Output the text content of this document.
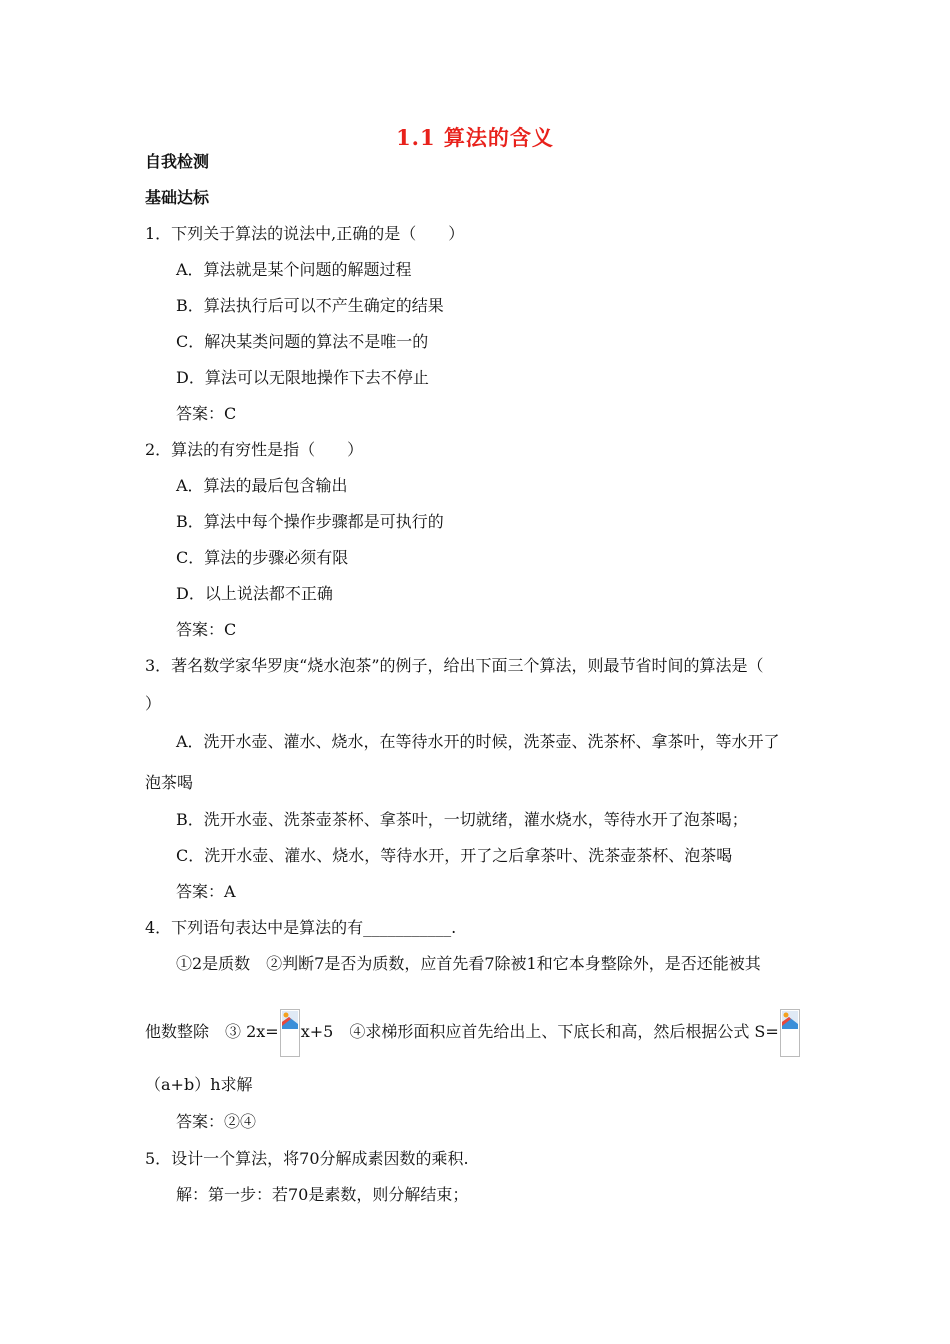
1.1 算法的含义
自我检测
基础达标
1．下列关于算法的说法中,正确的是（　　）
A．算法就是某个问题的解题过程
B．算法执行后可以不产生确定的结果
C．解决某类问题的算法不是唯一的
D．算法可以无限地操作下去不停止
答案：C
2．算法的有穷性是指（　　）
A．算法的最后包含输出
B．算法中每个操作步骤都是可执行的
C．算法的步骤必须有限
D．以上说法都不正确
答案：C
3．著名数学家华罗庚“烧水泡茶”的例子，给出下面三个算法，则最节省时间的算法是（
）
A．洗开水壶、灌水、烧水，在等待水开的时候，洗茶壶、洗茶杯、拿茶叶，等水开了
泡茶喝
B．洗开水壶、洗茶壶茶杯、拿茶叶，一切就绪，灌水烧水，等待水开了泡茶喝；
C．洗开水壶、灌水、烧水，等待水开，开了之后拿茶叶、洗茶壶茶杯、泡茶喝
答案：A
4．下列语句表达中是算法的有___________.
①2是质数　②判断7是否为质数，应首先看7除被1和它本身整除外，是否还能被其
他数整除　③ 2x= x+5　④求梯形面积应首先给出上、下底长和高，然后根据公式 S=
（a+b）h求解
答案：②④
5．设计一个算法，将70分解成素因数的乘积.
解：第一步：若70是素数，则分解结束；
